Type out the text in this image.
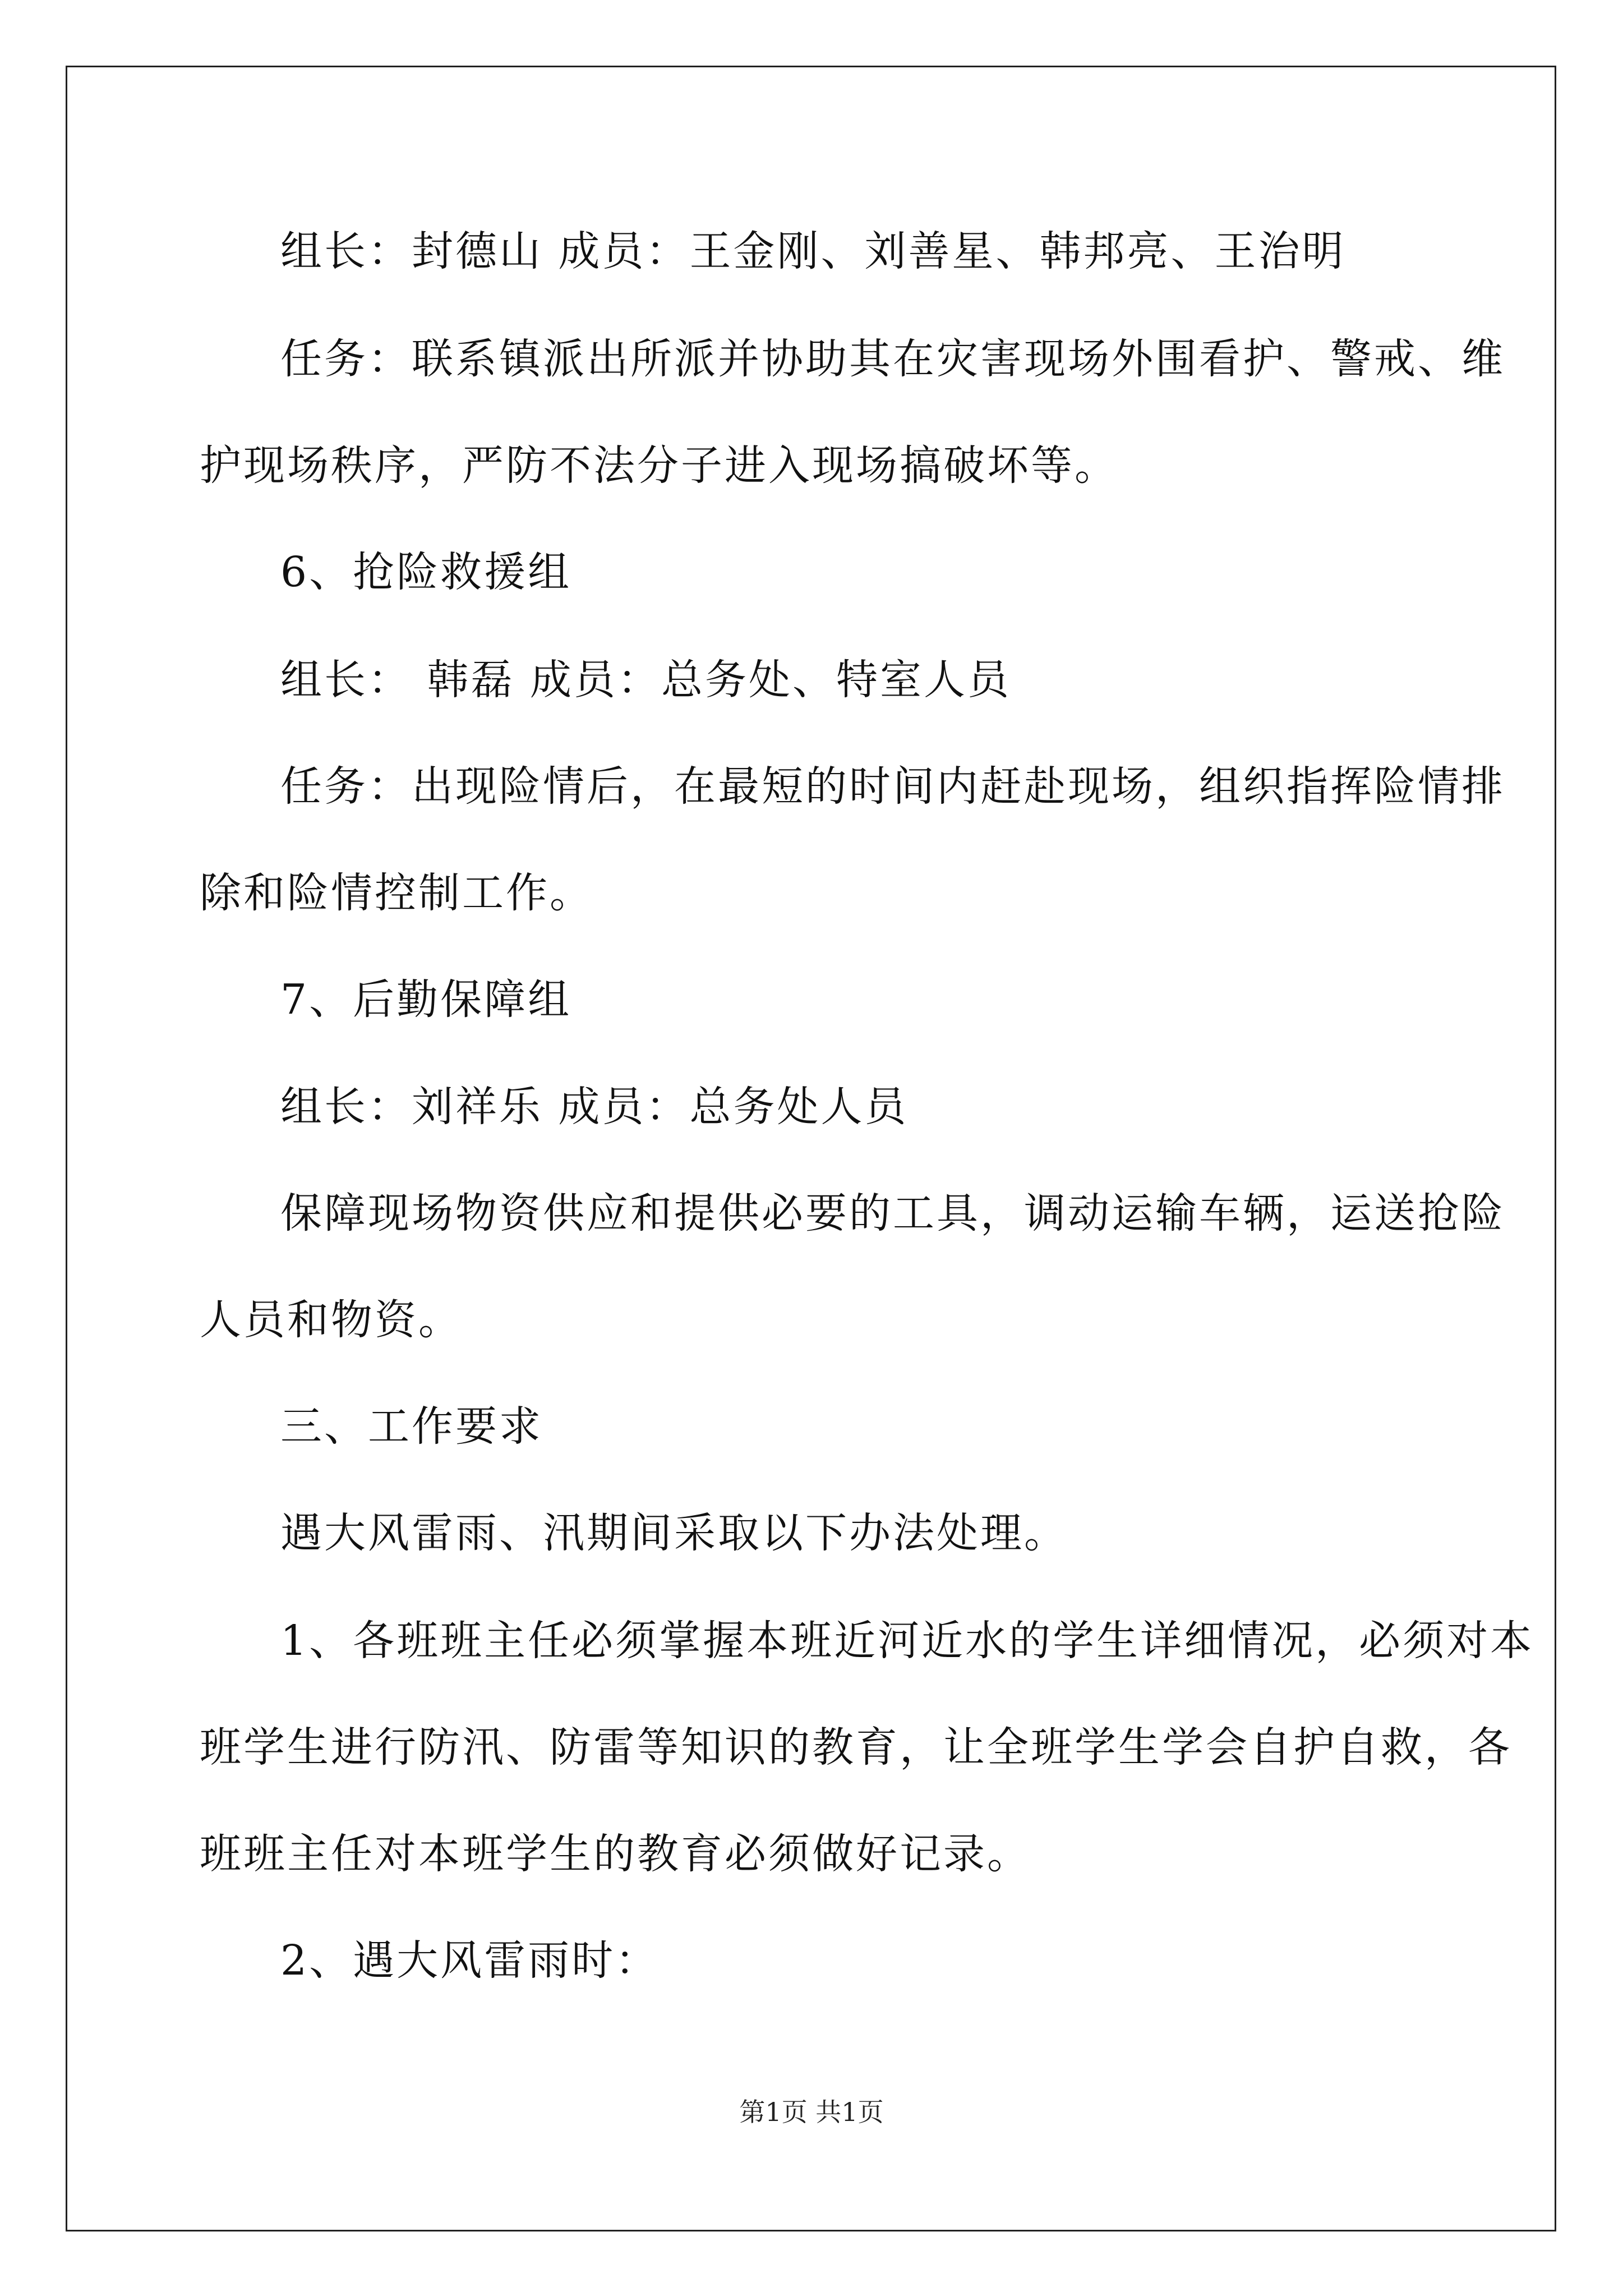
组长：封德山 成员：王金刚、刘善星、韩邦亮、王治明
任务：联系镇派出所派并协助其在灾害现场外围看护、警戒、维
护现场秩序，严防不法分子进入现场搞破坏等。
6、抢险救援组
组长： 韩磊 成员：总务处、特室人员
任务：出现险情后，在最短的时间内赶赴现场，组织指挥险情排
除和险情控制工作。
7、后勤保障组
组长：刘祥乐 成员：总务处人员
保障现场物资供应和提供必要的工具，调动运输车辆，运送抢险
人员和物资。
三、工作要求
遇大风雷雨、汛期间采取以下办法处理。
1、各班班主任必须掌握本班近河近水的学生详细情况，必须对本
班学生进行防汛、防雷等知识的教育，让全班学生学会自护自救，各
班班主任对本班学生的教育必须做好记录。
2、遇大风雷雨时：
第1页 共1页
